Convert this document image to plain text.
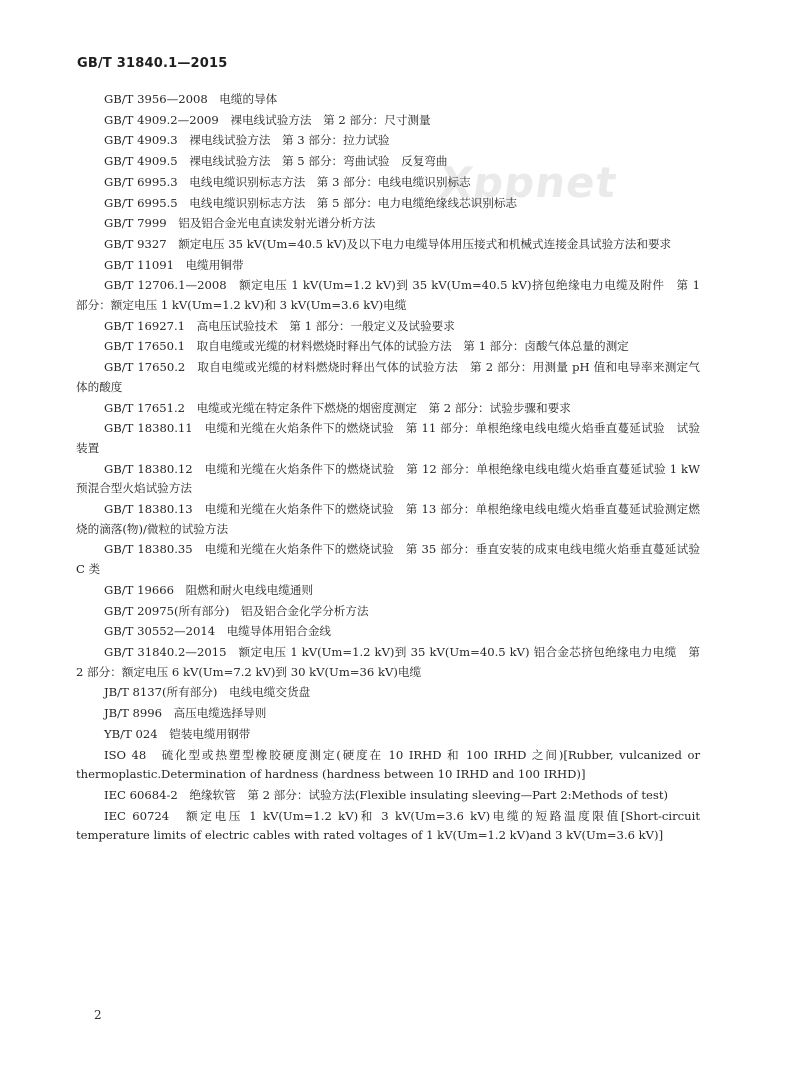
GB/T 31840.1—2015
Xppnet

GB/T 3956—2008　电缆的导体

GB/T 4909.2—2009　裸电线试验方法　第 2 部分：尺寸测量

GB/T 4909.3　裸电线试验方法　第 3 部分：拉力试验

GB/T 4909.5　裸电线试验方法　第 5 部分：弯曲试验　反复弯曲

GB/T 6995.3　电线电缆识别标志方法　第 3 部分：电线电缆识别标志

GB/T 6995.5　电线电缆识别标志方法　第 5 部分：电力电缆绝缘线芯识别标志

GB/T 7999　铝及铝合金光电直读发射光谱分析方法

GB/T 9327　额定电压 35 kV(Um=40.5 kV)及以下电力电缆导体用压接式和机械式连接金具试验方法和要求

GB/T 11091　电缆用铜带

GB/T 12706.1—2008　额定电压 1 kV(Um=1.2 kV)到 35 kV(Um=40.5 kV)挤包绝缘电力电缆及附件　第 1 部分：额定电压 1 kV(Um=1.2 kV)和 3 kV(Um=3.6 kV)电缆

GB/T 16927.1　高电压试验技术　第 1 部分：一般定义及试验要求

GB/T 17650.1　取自电缆或光缆的材料燃烧时释出气体的试验方法　第 1 部分：卤酸气体总量的测定

GB/T 17650.2　取自电缆或光缆的材料燃烧时释出气体的试验方法　第 2 部分：用测量 pH 值和电导率来测定气体的酸度

GB/T 17651.2　电缆或光缆在特定条件下燃烧的烟密度测定　第 2 部分：试验步骤和要求

GB/T 18380.11　电缆和光缆在火焰条件下的燃烧试验　第 11 部分：单根绝缘电线电缆火焰垂直蔓延试验　试验装置

GB/T 18380.12　电缆和光缆在火焰条件下的燃烧试验　第 12 部分：单根绝缘电线电缆火焰垂直蔓延试验 1 kW 预混合型火焰试验方法

GB/T 18380.13　电缆和光缆在火焰条件下的燃烧试验　第 13 部分：单根绝缘电线电缆火焰垂直蔓延试验测定燃烧的滴落(物)/微粒的试验方法

GB/T 18380.35　电缆和光缆在火焰条件下的燃烧试验　第 35 部分：垂直安装的成束电线电缆火焰垂直蔓延试验 C 类

GB/T 19666　阻燃和耐火电线电缆通则

GB/T 20975(所有部分)　铝及铝合金化学分析方法

GB/T 30552—2014　电缆导体用铝合金线

GB/T 31840.2—2015　额定电压 1 kV(Um=1.2 kV)到 35 kV(Um=40.5 kV) 铝合金芯挤包绝缘电力电缆　第 2 部分：额定电压 6 kV(Um=7.2 kV)到 30 kV(Um=36 kV)电缆

JB/T 8137(所有部分)　电线电缆交货盘

JB/T 8996　高压电缆选择导则

YB/T 024　铠装电缆用钢带

ISO 48　硫化型或热塑型橡胶硬度测定(硬度在 10 IRHD 和 100 IRHD 之间)[Rubber, vulcanized or thermoplastic.Determination of hardness (hardness between 10 IRHD and 100 IRHD)]

IEC 60684-2　绝缘软管　第 2 部分：试验方法(Flexible insulating sleeving—Part 2:Methods of test)

IEC 60724　额定电压 1 kV(Um=1.2 kV)和 3 kV(Um=3.6 kV)电缆的短路温度限值[Short-circuit temperature limits of electric cables with rated voltages of 1 kV(Um=1.2 kV)and 3 kV(Um=3.6 kV)]

2
